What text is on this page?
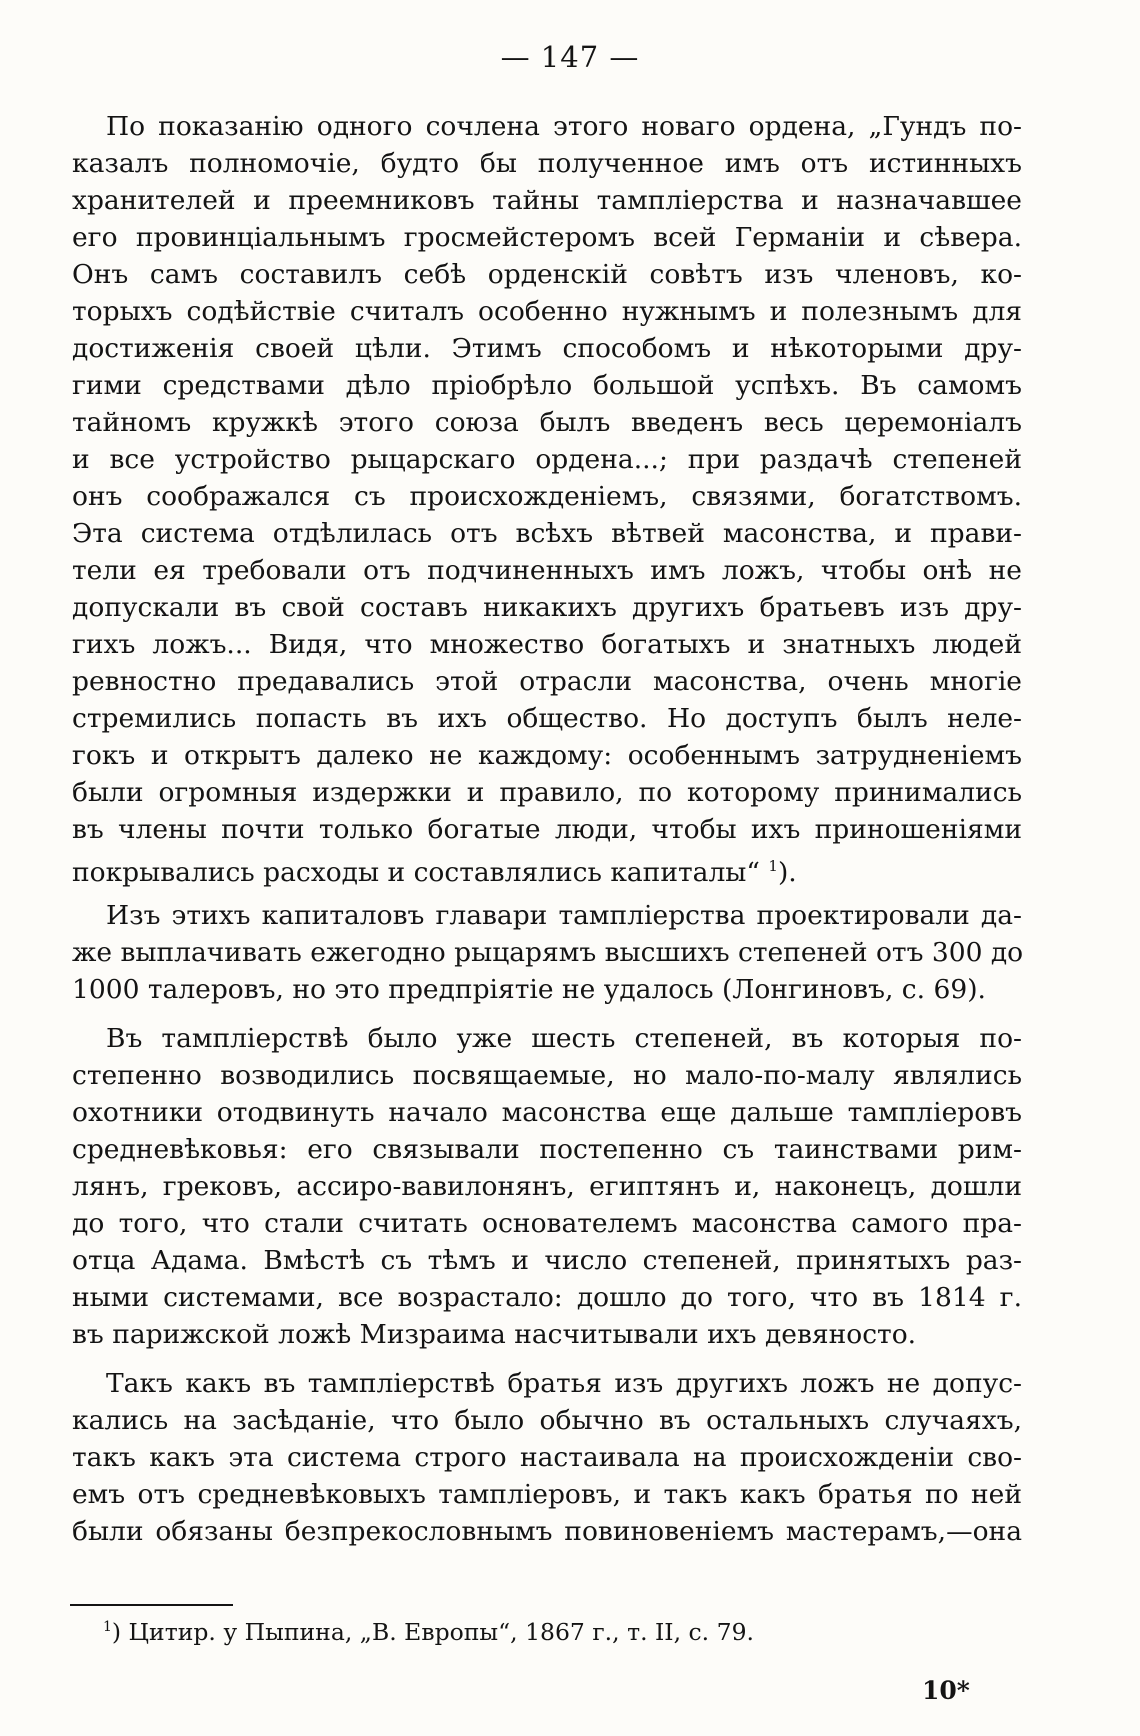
— 147 —
По показанію одного сочлена этого новаго ордена, „Гундъ по-
казалъ полномочіе, будто бы полученное имъ отъ истинныхъ
хранителей и преемниковъ тайны тампліерства и назначавшее
его провинціальнымъ гросмейстеромъ всей Германіи и сѣвера.
Онъ самъ составилъ себѣ орденскій совѣтъ изъ членовъ, ко-
торыхъ содѣйствіе считалъ особенно нужнымъ и полезнымъ для
достиженія своей цѣли. Этимъ способомъ и нѣкоторыми дру-
гими средствами дѣло пріобрѣло большой успѣхъ. Въ самомъ
тайномъ кружкѣ этого союза былъ введенъ весь церемоніалъ
и все устройство рыцарскаго ордена...; при раздачѣ степеней
онъ соображался съ происхожденіемъ, связями, богатствомъ.
Эта система отдѣлилась отъ всѣхъ вѣтвей масонства, и прави-
тели ея требовали отъ подчиненныхъ имъ ложъ, чтобы онѣ не
допускали въ свой составъ никакихъ другихъ братьевъ изъ дру-
гихъ ложъ... Видя, что множество богатыхъ и знатныхъ людей
ревностно предавались этой отрасли масонства, очень многіе
стремились попасть въ ихъ общество. Но доступъ былъ нелe-
гокъ и открытъ далеко не каждому: особеннымъ затрудненіемъ
были огромныя издержки и правило, по которому принимались
въ члены почти только богатые люди, чтобы ихъ приношеніями
покрывались расходы и составлялись капиталы“ $^1$).
Изъ этихъ капиталовъ главари тампліерства проектировали да-
же выплачивать ежегодно рыцарямъ высшихъ степеней отъ 300 до
1000 талеровъ, но это предпріятіе не удалось (Лонгиновъ, с. 69).
Въ тампліерствѣ было уже шесть степеней, въ которыя по-
степенно возводились посвящаемые, но мало-по-малу являлись
охотники отодвинуть начало масонства еще дальше тампліеровъ
средневѣковья: его связывали постепенно съ таинствами рим-
лянъ, грековъ, ассиро-вавилонянъ, египтянъ и, наконецъ, дошли
до того, что стали считать основателемъ масонства самого пра-
отца Адама. Вмѣстѣ съ тѣмъ и число степеней, принятыхъ раз-
ными системами, все возрастало: дошло до того, что въ 1814 г.
въ парижской ложѣ Мизраима насчитывали ихъ девяносто.
Такъ какъ въ тампліерствѣ братья изъ другихъ ложъ не допус-
кались на засѣданіе, что было обычно въ остальныхъ случаяхъ,
такъ какъ эта система строго настаивала на происхожденіи сво-
емъ отъ средневѣковыхъ тампліеровъ, и такъ какъ братья по ней
были обязаны безпрекословнымъ повиновеніемъ мастерамъ,—она
$^1$) Цитир. у Пыпина, „В. Европы“, 1867 г., т. II, с. 79.
10*
